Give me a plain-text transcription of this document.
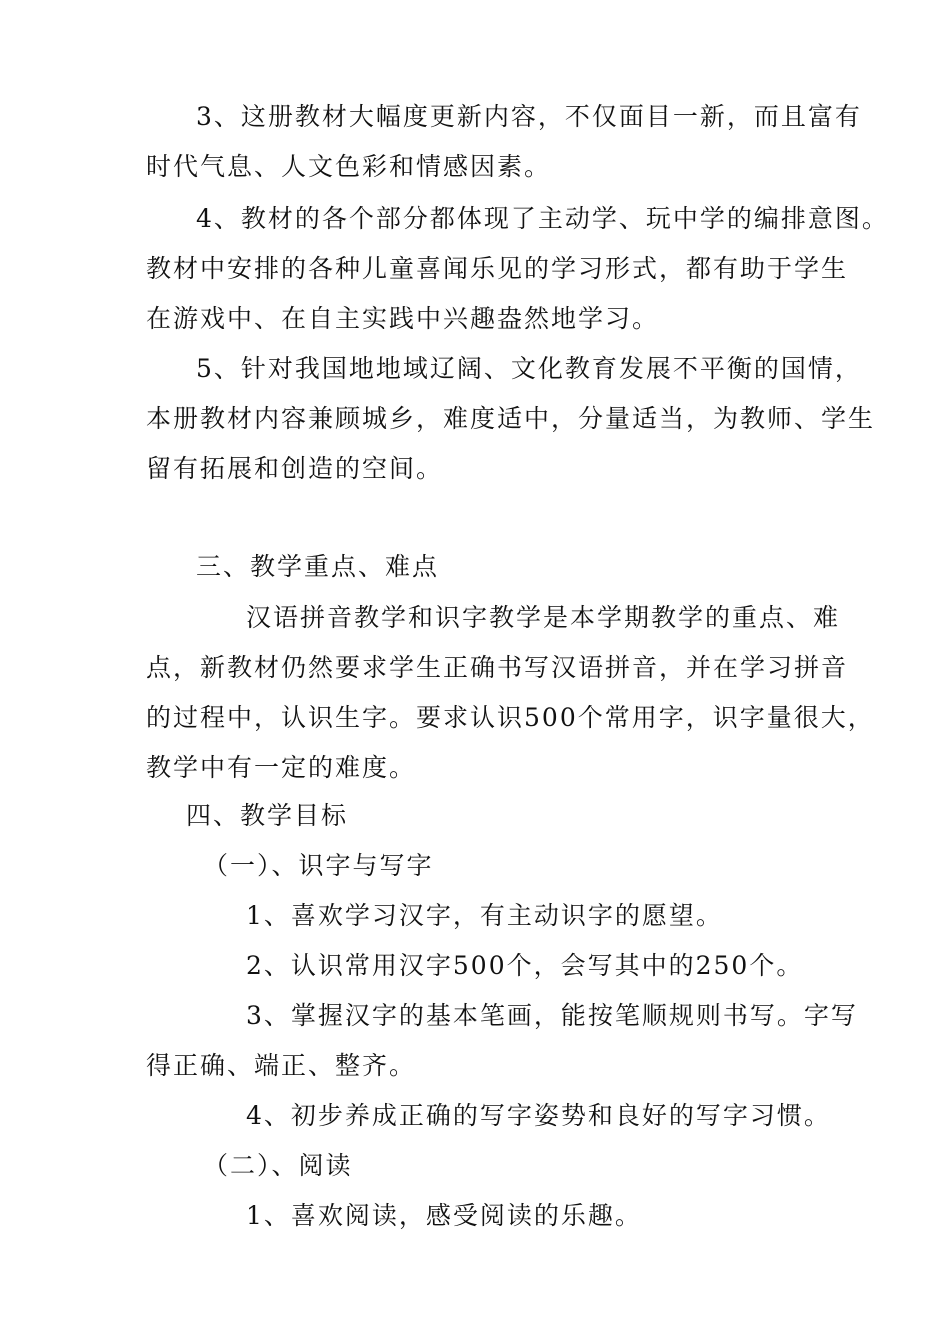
3、这册教材大幅度更新内容，不仅面目一新，而且富有
时代气息、人文色彩和情感因素。
4、教材的各个部分都体现了主动学、玩中学的编排意图。
教材中安排的各种儿童喜闻乐见的学习形式，都有助于学生
在游戏中、在自主实践中兴趣盎然地学习。
5、针对我国地地域辽阔、文化教育发展不平衡的国情，
本册教材内容兼顾城乡，难度适中，分量适当，为教师、学生
留有拓展和创造的空间。
三、教学重点、难点
汉语拼音教学和识字教学是本学期教学的重点、难
点，新教材仍然要求学生正确书写汉语拼音，并在学习拼音
的过程中，认识生字。要求认识500个常用字，识字量很大，
教学中有一定的难度。
四、教学目标
（一）、识字与写字
1、喜欢学习汉字，有主动识字的愿望。
2、认识常用汉字500个，会写其中的250个。
3、掌握汉字的基本笔画，能按笔顺规则书写。字写
得正确、端正、整齐。
4、初步养成正确的写字姿势和良好的写字习惯。
（二）、阅读
1、喜欢阅读，感受阅读的乐趣。
